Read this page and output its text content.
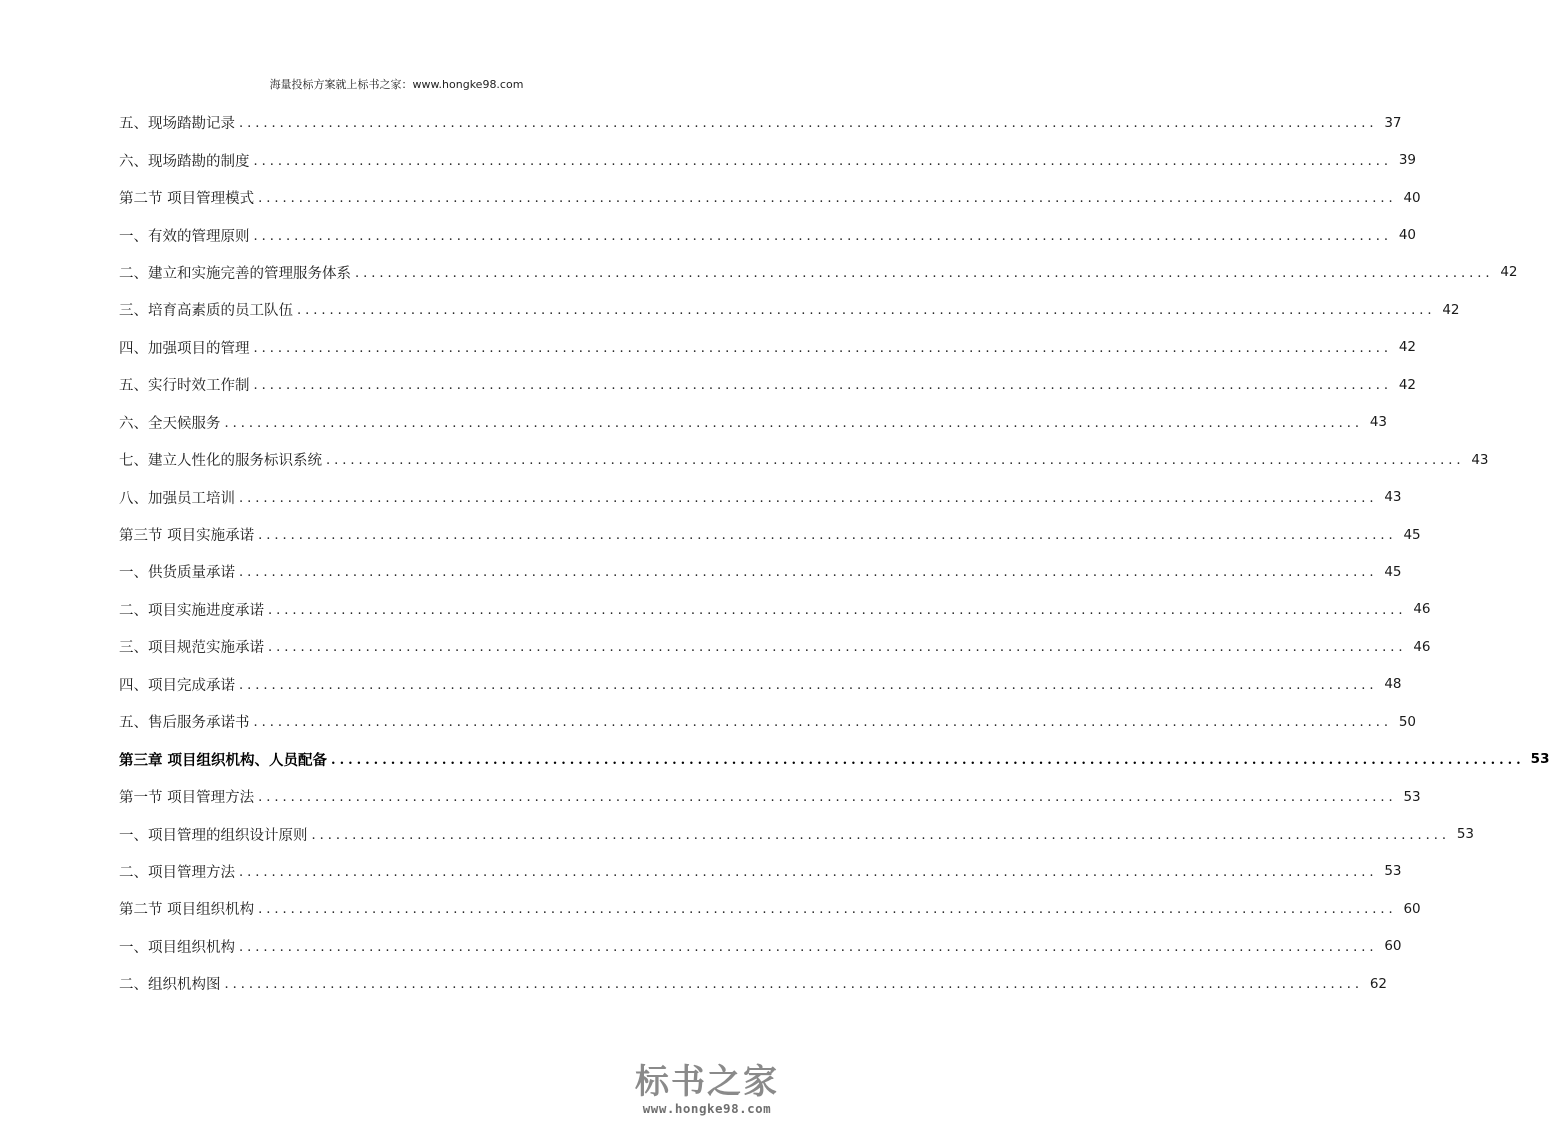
海量投标方案就上标书之家：www.hongke98.com
五、现场踏勘记录 ............................................................................................................................................ 37
六、现场踏勘的制度 ............................................................................................................................................ 39
第二节 项目管理模式 ............................................................................................................................................ 40
一、有效的管理原则 ............................................................................................................................................ 40
二、建立和实施完善的管理服务体系 ............................................................................................................................................ 42
三、培育高素质的员工队伍 ............................................................................................................................................ 42
四、加强项目的管理 ............................................................................................................................................ 42
五、实行时效工作制 ............................................................................................................................................ 42
六、全天候服务 ............................................................................................................................................ 43
七、建立人性化的服务标识系统 ............................................................................................................................................ 43
八、加强员工培训 ............................................................................................................................................ 43
第三节 项目实施承诺 ............................................................................................................................................ 45
一、供货质量承诺 ............................................................................................................................................ 45
二、项目实施进度承诺 ............................................................................................................................................ 46
三、项目规范实施承诺 ............................................................................................................................................ 46
四、项目完成承诺 ............................................................................................................................................ 48
五、售后服务承诺书 ............................................................................................................................................ 50
第三章 项目组织机构、人员配备 ............................................................................................................................................ 53
第一节 项目管理方法 ............................................................................................................................................ 53
一、项目管理的组织设计原则 ............................................................................................................................................ 53
二、项目管理方法 ............................................................................................................................................ 53
第二节 项目组织机构 ............................................................................................................................................ 60
一、项目组织机构 ............................................................................................................................................ 60
二、组织机构图 ............................................................................................................................................ 62
标书之家
www.hongke98.com
